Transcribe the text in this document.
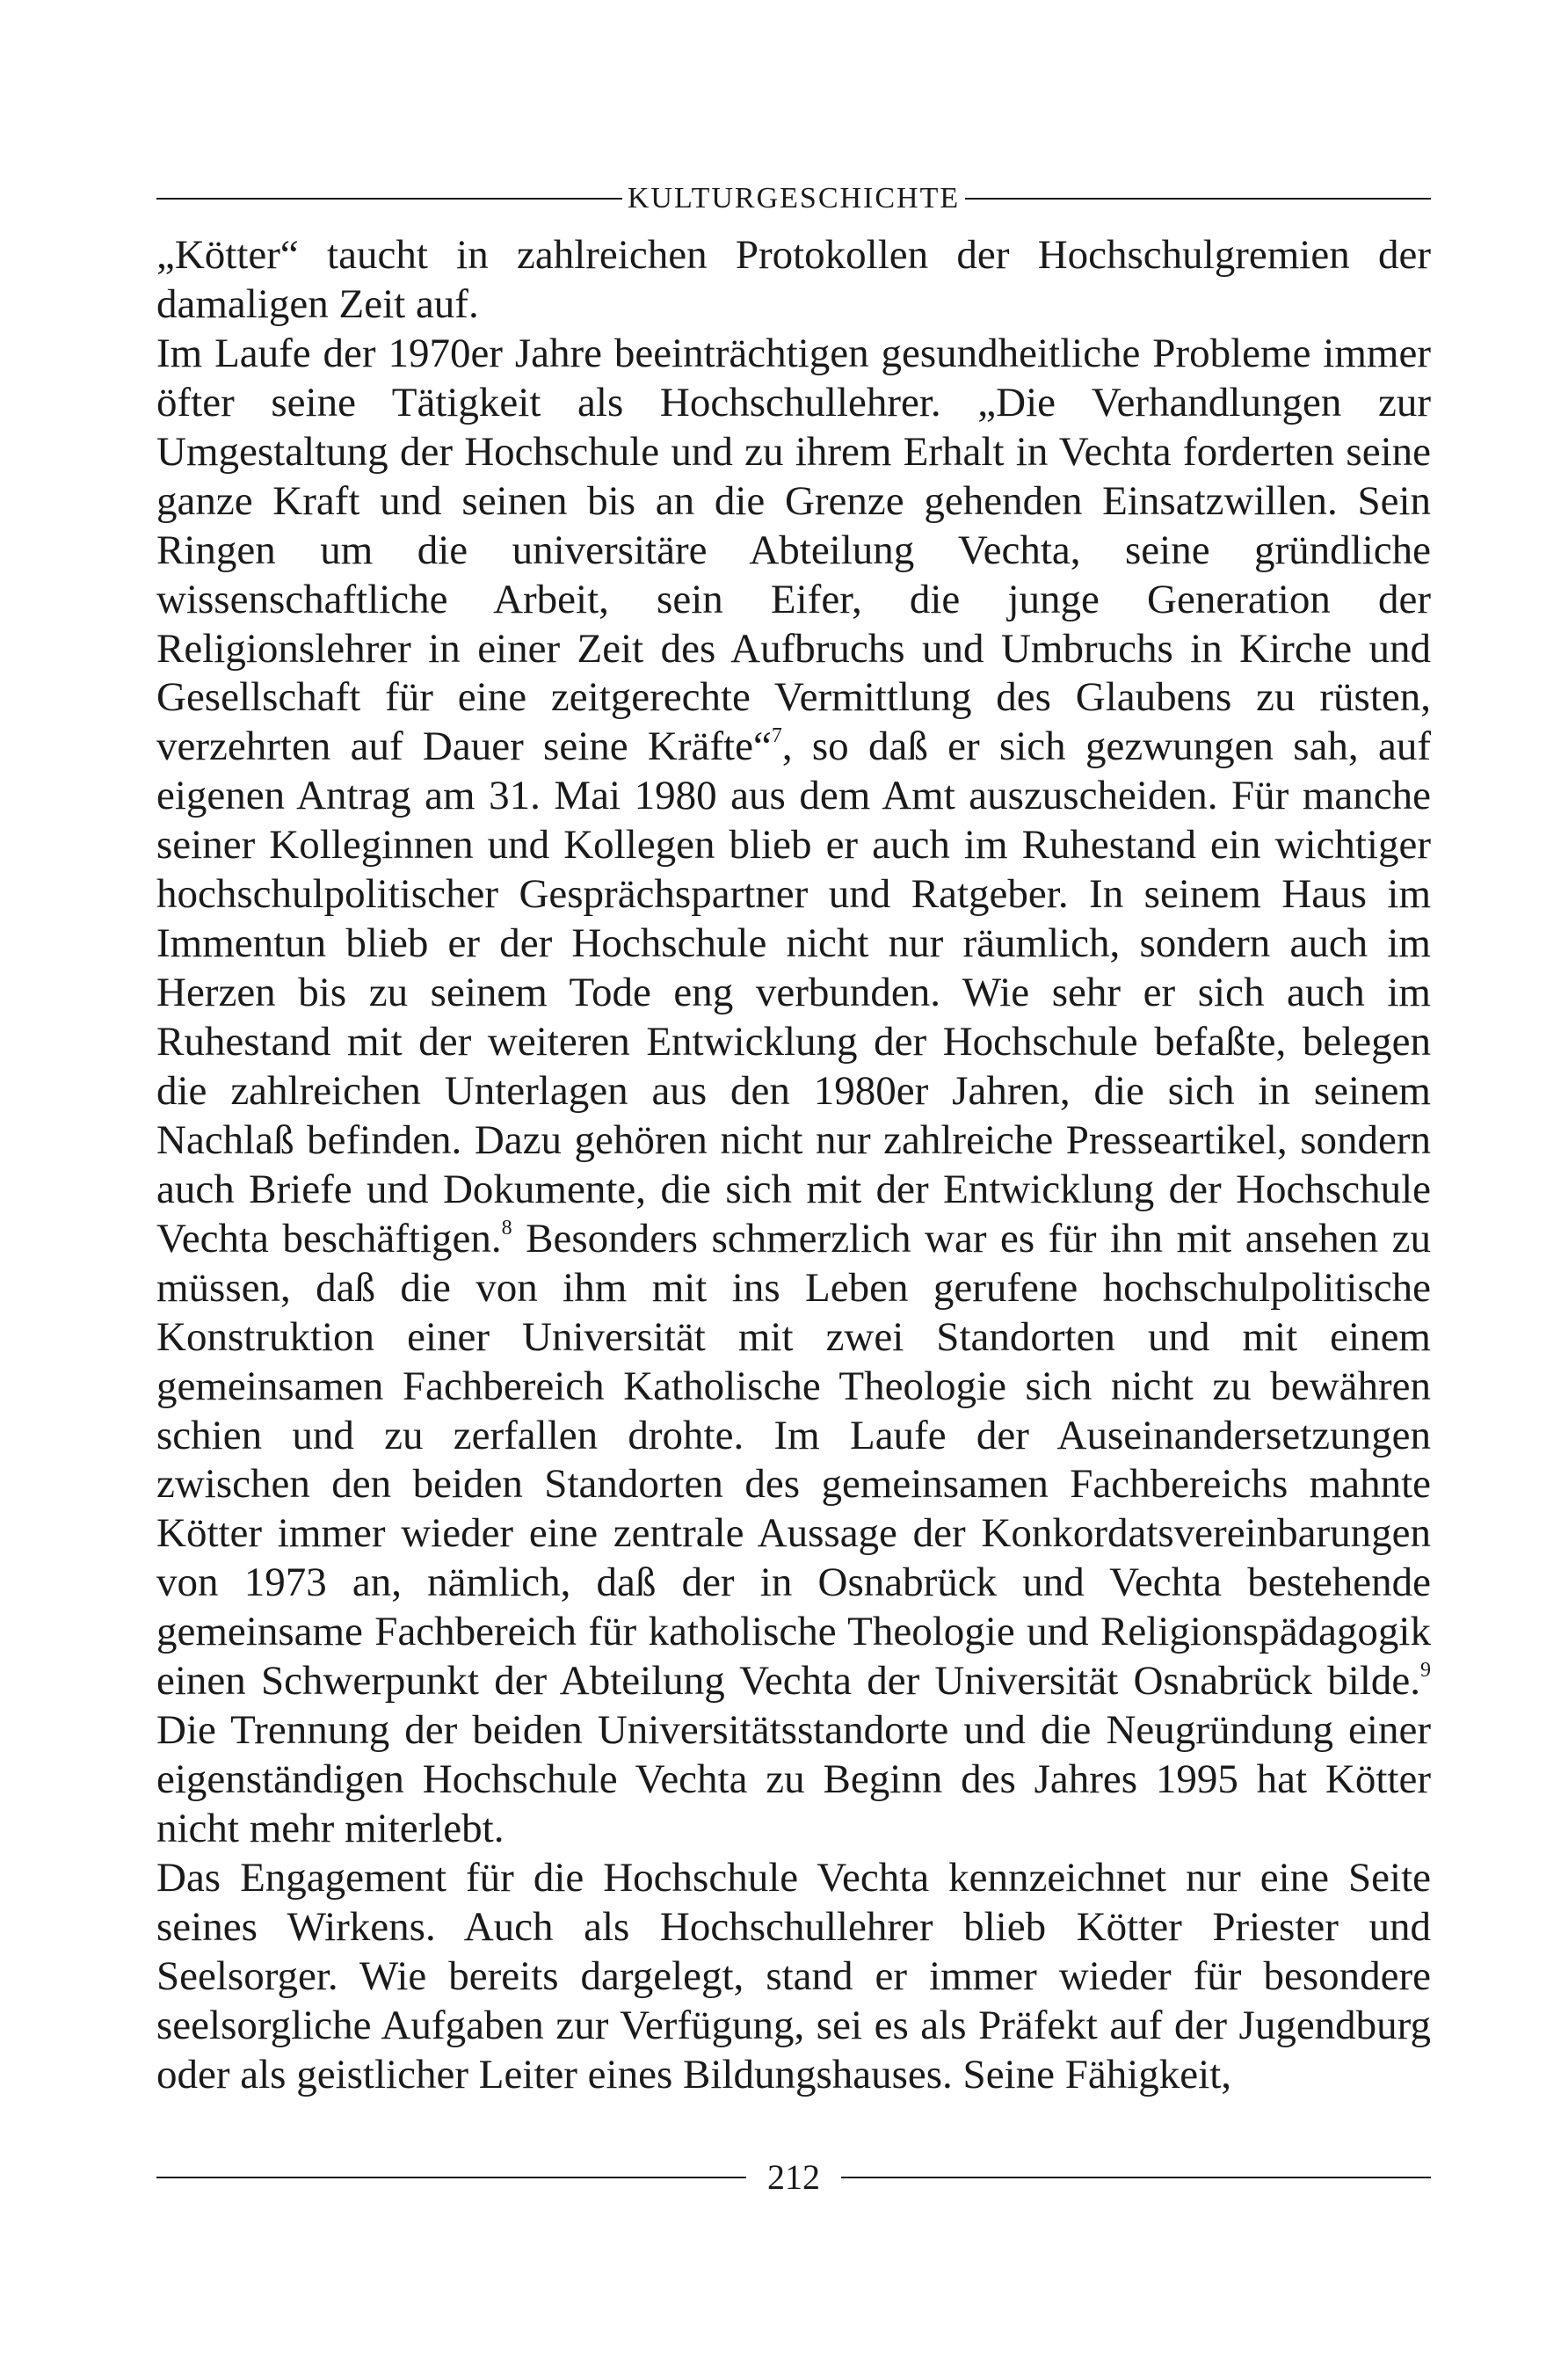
KULTURGESCHICHTE

„Kötter“ taucht in zahlreichen Protokollen der Hochschulgremien der damaligen Zeit auf.

Im Laufe der 1970er Jahre beeinträchtigen gesundheitliche Probleme immer öfter seine Tätigkeit als Hochschullehrer. „Die Verhandlungen zur Umgestaltung der Hochschule und zu ihrem Erhalt in Vechta forderten seine ganze Kraft und seinen bis an die Grenze gehenden Einsatzwillen. Sein Ringen um die universitäre Abteilung Vechta, seine gründliche wissenschaftliche Arbeit, sein Eifer, die junge Generation der Religionslehrer in einer Zeit des Aufbruchs und Umbruchs in Kirche und Gesellschaft für eine zeitgerechte Vermittlung des Glaubens zu rüsten, verzehrten auf Dauer seine Kräfte“$^7$, so daß er sich gezwungen sah, auf eigenen Antrag am 31. Mai 1980 aus dem Amt auszuscheiden. Für manche seiner Kolleginnen und Kollegen blieb er auch im Ruhestand ein wichtiger hochschulpolitischer Gesprächspartner und Ratgeber. In seinem Haus im Immentun blieb er der Hochschule nicht nur räumlich, sondern auch im Herzen bis zu seinem Tode eng verbunden. Wie sehr er sich auch im Ruhestand mit der weiteren Entwicklung der Hochschule befaßte, belegen die zahlreichen Unterlagen aus den 1980er Jahren, die sich in seinem Nachlaß befinden. Dazu gehören nicht nur zahlreiche Presseartikel, sondern auch Briefe und Dokumente, die sich mit der Entwicklung der Hochschule Vechta beschäftigen.$^8$ Besonders schmerzlich war es für ihn mit ansehen zu müssen, daß die von ihm mit ins Leben gerufene hochschulpolitische Konstruktion einer Universität mit zwei Standorten und mit einem gemeinsamen Fachbereich Katholische Theologie sich nicht zu bewähren schien und zu zerfallen drohte. Im Laufe der Auseinandersetzungen zwischen den beiden Standorten des gemeinsamen Fachbereichs mahnte Kötter immer wieder eine zentrale Aussage der Konkordatsvereinbarungen von 1973 an, nämlich, daß der in Osnabrück und Vechta bestehende gemeinsame Fachbereich für katholische Theologie und Religionspädagogik einen Schwerpunkt der Abteilung Vechta der Universität Osnabrück bilde.$^9$ Die Trennung der beiden Universitätsstandorte und die Neugründung einer eigenständigen Hochschule Vechta zu Beginn des Jahres 1995 hat Kötter nicht mehr miterlebt.

Das Engagement für die Hochschule Vechta kennzeichnet nur eine Seite seines Wirkens. Auch als Hochschullehrer blieb Kötter Priester und Seelsorger. Wie bereits dargelegt, stand er immer wieder für besondere seelsorgliche Aufgaben zur Verfügung, sei es als Präfekt auf der Jugendburg oder als geistlicher Leiter eines Bildungshauses. Seine Fähigkeit,

212
